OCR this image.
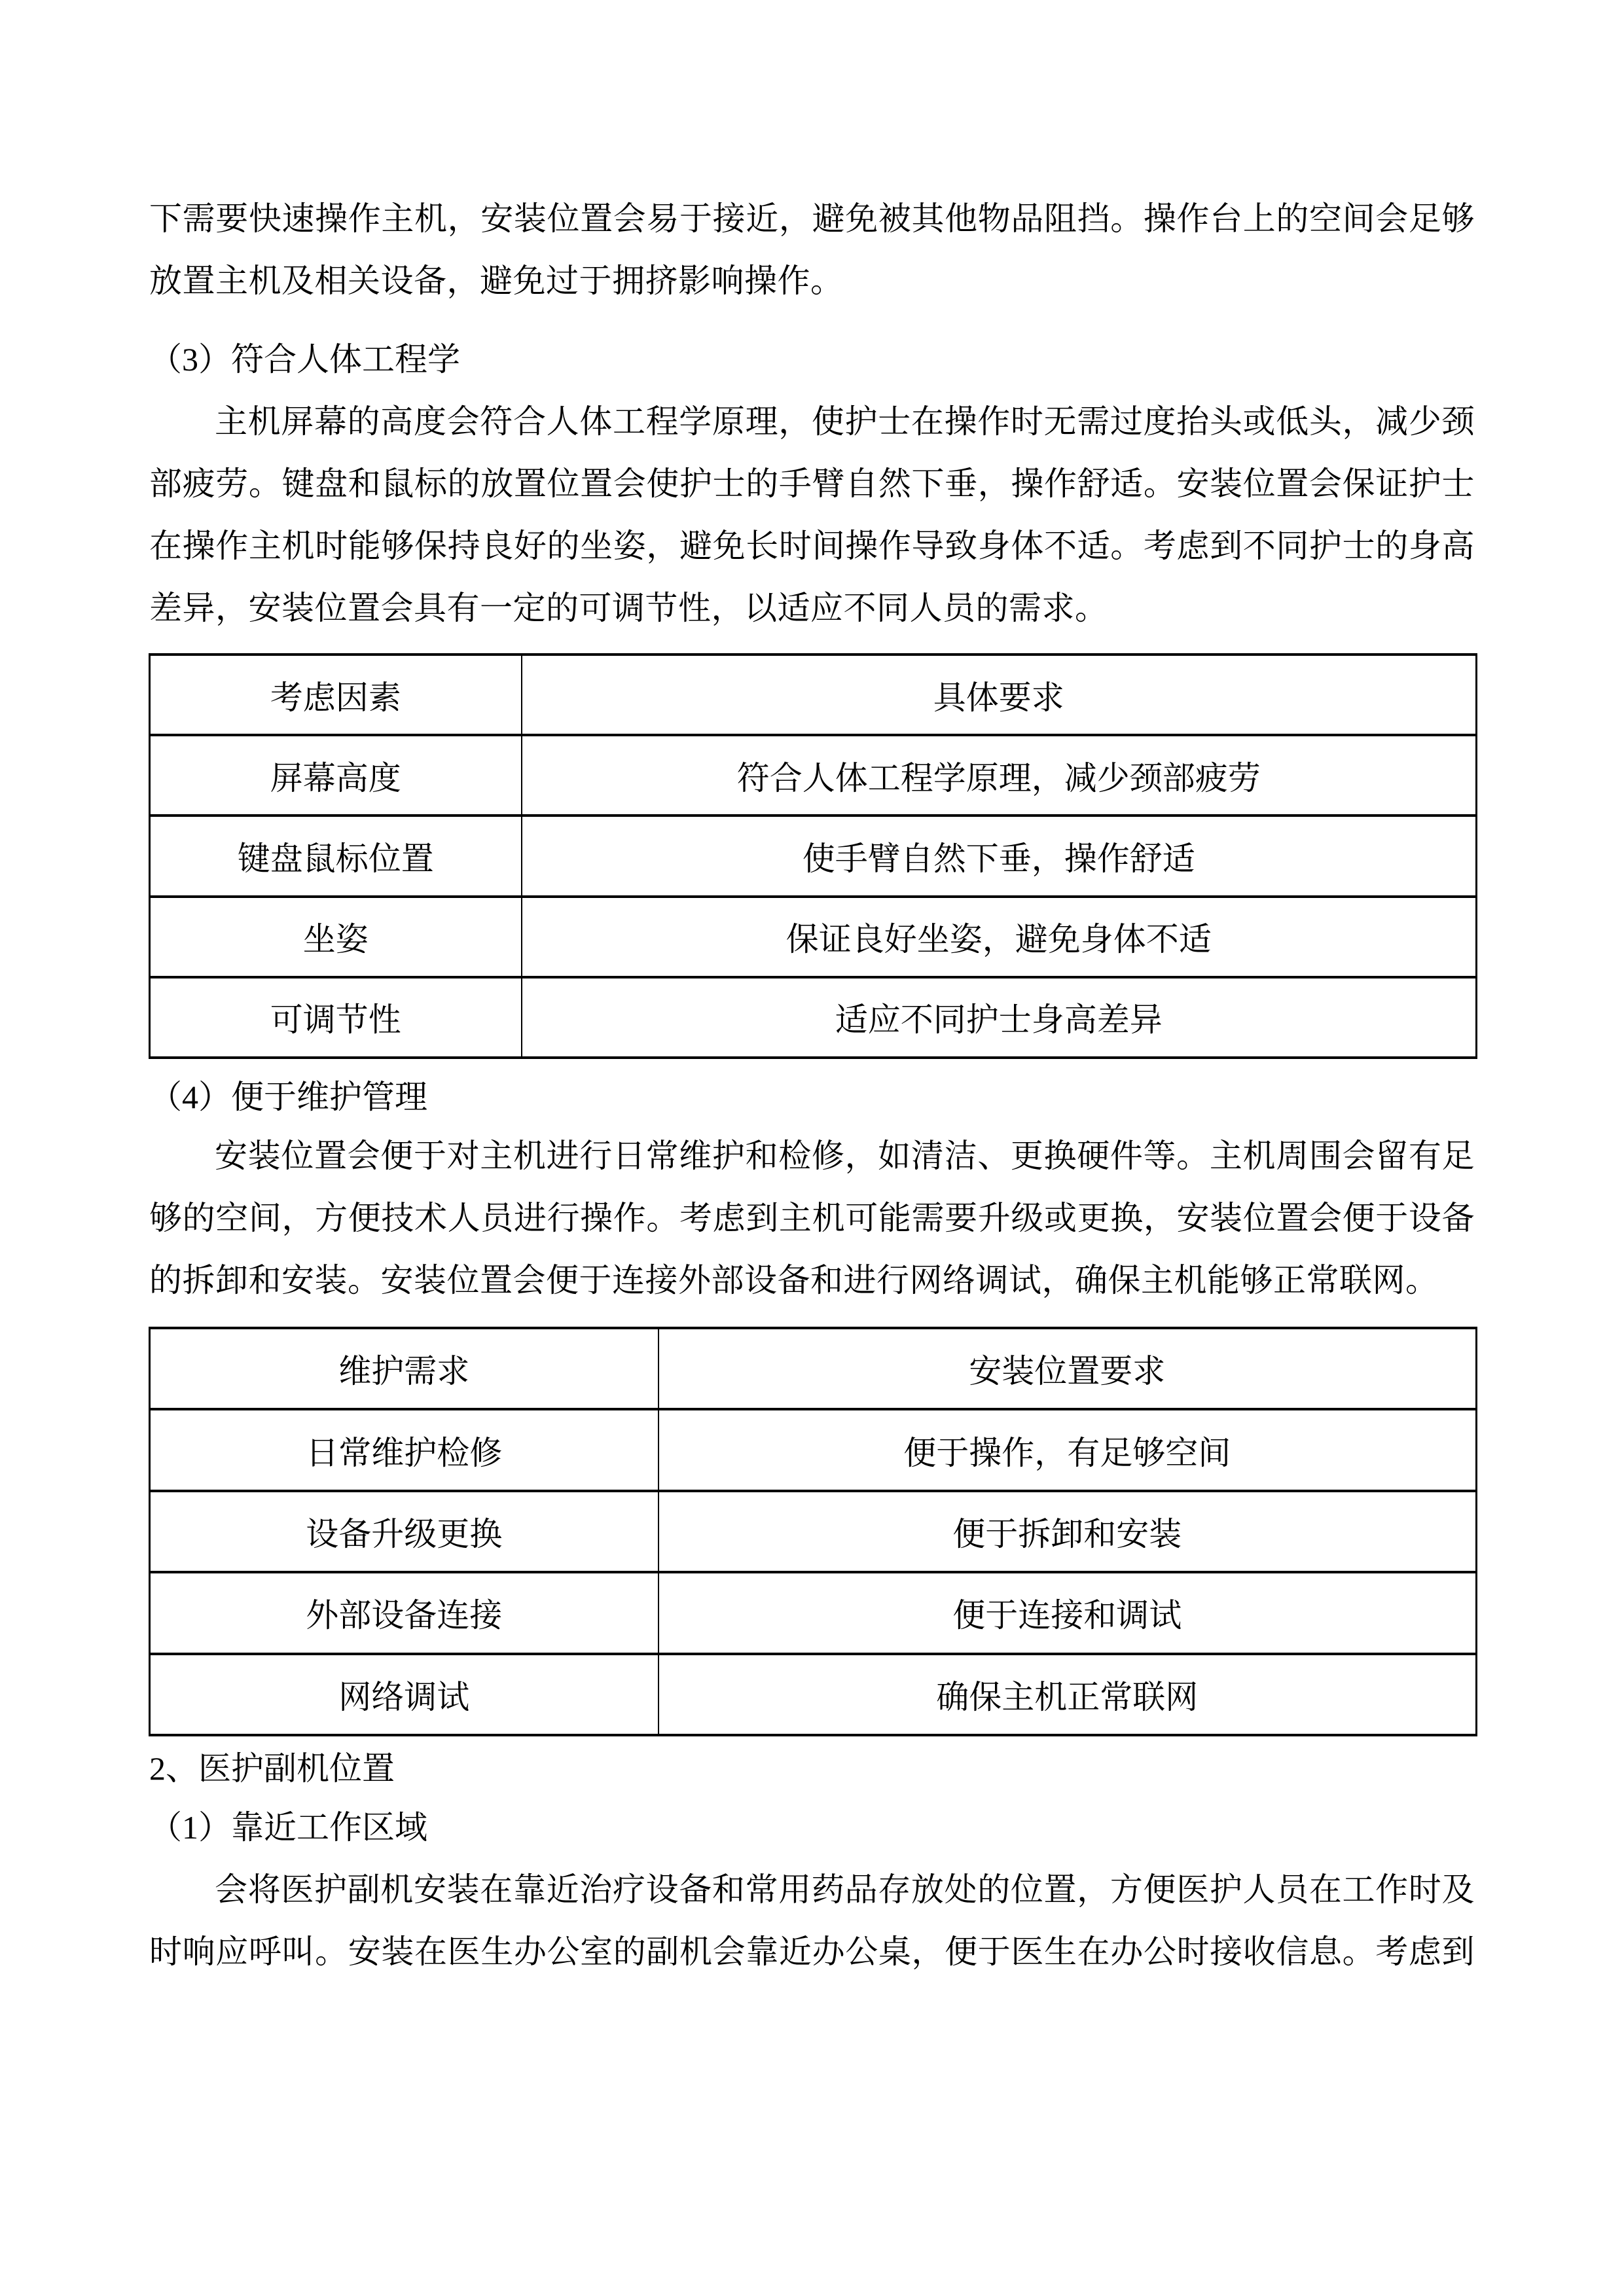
下需要快速操作主机，安装位置会易于接近，避免被其他物品阻挡。操作台上的空间会足够
放置主机及相关设备，避免过于拥挤影响操作。
（3）符合人体工程学
主机屏幕的高度会符合人体工程学原理，使护士在操作时无需过度抬头或低头，减少颈
部疲劳。键盘和鼠标的放置位置会使护士的手臂自然下垂，操作舒适。安装位置会保证护士
在操作主机时能够保持良好的坐姿，避免长时间操作导致身体不适。考虑到不同护士的身高
差异，安装位置会具有一定的可调节性，以适应不同人员的需求。
考虑因素	具体要求
屏幕高度	符合人体工程学原理，减少颈部疲劳
键盘鼠标位置	使手臂自然下垂，操作舒适
坐姿	保证良好坐姿，避免身体不适
可调节性	适应不同护士身高差异
（4）便于维护管理
安装位置会便于对主机进行日常维护和检修，如清洁、更换硬件等。主机周围会留有足
够的空间，方便技术人员进行操作。考虑到主机可能需要升级或更换，安装位置会便于设备
的拆卸和安装。安装位置会便于连接外部设备和进行网络调试，确保主机能够正常联网。
维护需求	安装位置要求
日常维护检修	便于操作，有足够空间
设备升级更换	便于拆卸和安装
外部设备连接	便于连接和调试
网络调试	确保主机正常联网
2、医护副机位置
（1）靠近工作区域
会将医护副机安装在靠近治疗设备和常用药品存放处的位置，方便医护人员在工作时及
时响应呼叫。安装在医生办公室的副机会靠近办公桌，便于医生在办公时接收信息。考虑到
